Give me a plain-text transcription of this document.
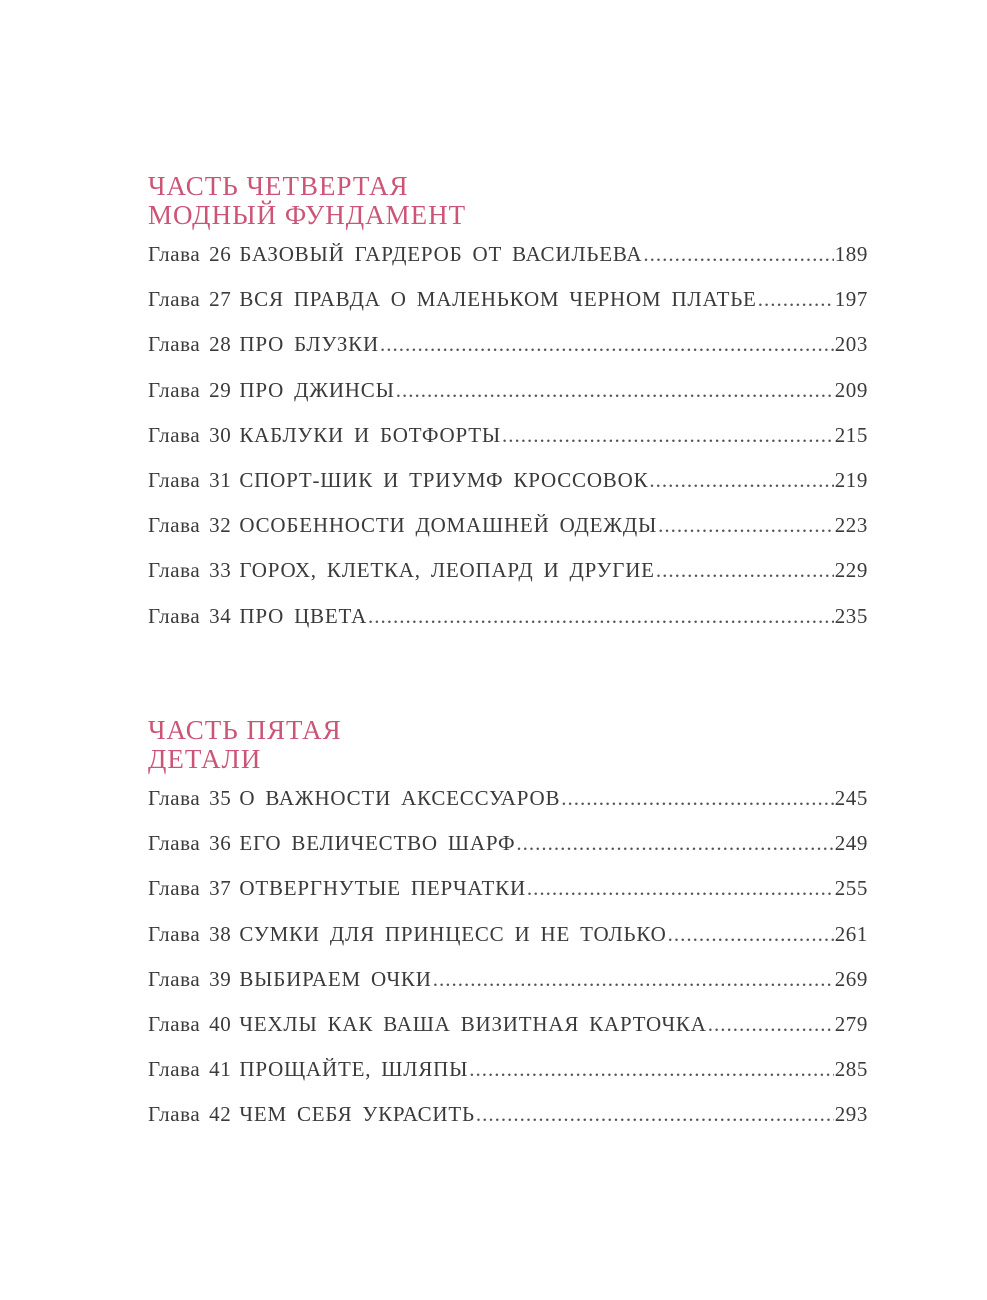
ЧАСТЬ ЧЕТВЕРТАЯ
МОДНЫЙ ФУНДАМЕНТ
Глава 26 БАЗОВЫЙ ГАРДЕРОБ ОТ ВАСИЛЬЕВА .....	189
Глава 27 ВСЯ ПРАВДА О МАЛЕНЬКОМ ЧЕРНОМ ПЛАТЬЕ .....	197
Глава 28 ПРО БЛУЗКИ .....	203
Глава 29 ПРО ДЖИНСЫ .....	209
Глава 30 КАБЛУКИ И БОТФОРТЫ .....	215
Глава 31 СПОРТ-ШИК И ТРИУМФ КРОССОВОК .....	219
Глава 32 ОСОБЕННОСТИ ДОМАШНЕЙ ОДЕЖДЫ .....	223
Глава 33 ГОРОХ, КЛЕТКА, ЛЕОПАРД И ДРУГИЕ .....	229
Глава 34 ПРО ЦВЕТА .....	235
ЧАСТЬ ПЯТАЯ
ДЕТАЛИ
Глава 35 О ВАЖНОСТИ АКСЕССУАРОВ .....	245
Глава 36 ЕГО ВЕЛИЧЕСТВО ШАРФ .....	249
Глава 37 ОТВЕРГНУТЫЕ ПЕРЧАТКИ .....	255
Глава 38 СУМКИ ДЛЯ ПРИНЦЕСС И НЕ ТОЛЬКО .....	261
Глава 39 ВЫБИРАЕМ ОЧКИ .....	269
Глава 40 ЧЕХЛЫ КАК ВАША ВИЗИТНАЯ КАРТОЧКА .....	279
Глава 41 ПРОЩАЙТЕ, ШЛЯПЫ .....	285
Глава 42 ЧЕМ СЕБЯ УКРАСИТЬ .....	293
